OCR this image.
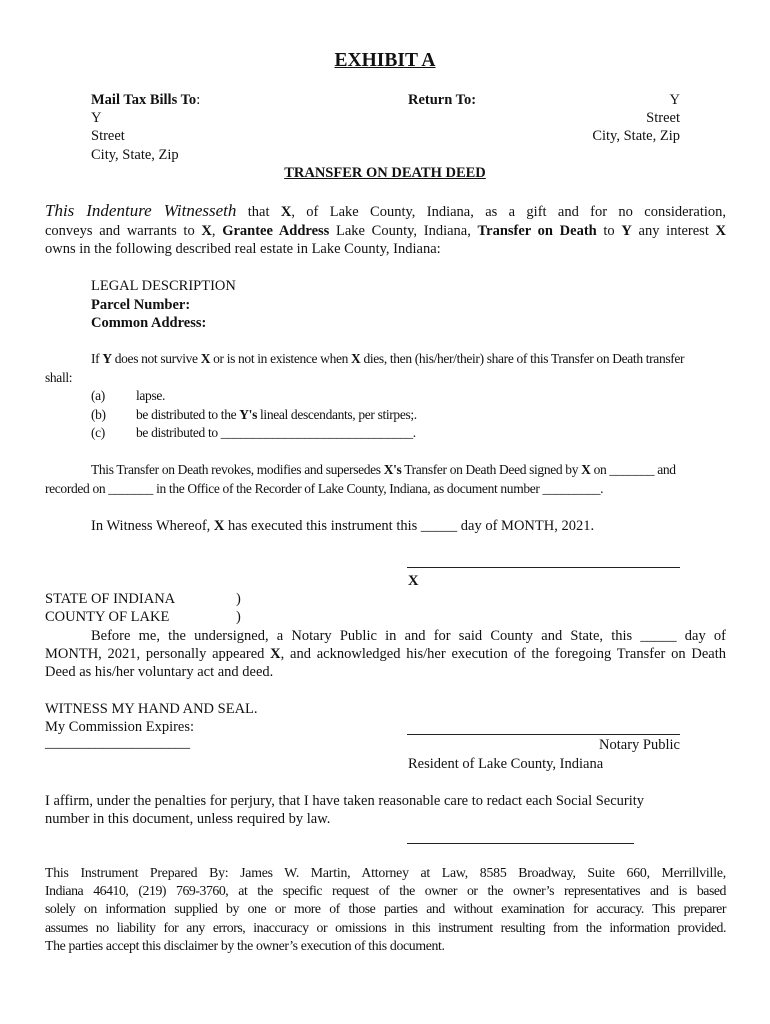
EXHIBIT A
Mail Tax Bills To:
Y
Street
City, State, Zip
Return To:	Y
Street
City, State, Zip
TRANSFER ON DEATH DEED
This Indenture Witnesseth that X, of Lake County, Indiana, as a gift and for no consideration,
conveys and warrants to X, Grantee Address Lake County, Indiana, Transfer on Death to Y any interest X
owns in the following described real estate in Lake County, Indiana:
LEGAL DESCRIPTION
Parcel Number:
Common Address:
If Y does not survive X or is not in existence when X dies, then (his/her/their) share of this Transfer on Death transfer
shall:
(a) lapse.
(b) be distributed to the Y's lineal descendants, per stirpes;.
(c) be distributed to ______________________________.
This Transfer on Death revokes, modifies and supersedes X's Transfer on Death Deed signed by X on _______ and
recorded on _______ in the Office of the Recorder of Lake County, Indiana, as document number _________.
In Witness Whereof, X has executed this instrument this _____ day of MONTH, 2021.
X
STATE OF INDIANA	)
COUNTY OF LAKE	)
Before me, the undersigned, a Notary Public in and for said County and State, this _____ day of
MONTH, 2021, personally appeared X, and acknowledged his/her execution of the foregoing Transfer on Death
Deed as his/her voluntary act and deed.
WITNESS MY HAND AND SEAL.
My Commission Expires:
____________________	Notary Public
Resident of Lake County, Indiana
I affirm, under the penalties for perjury, that I have taken reasonable care to redact each Social Security
number in this document, unless required by law.
This Instrument Prepared By: James W. Martin, Attorney at Law, 8585 Broadway, Suite 660, Merrillville,
Indiana 46410, (219) 769-3760, at the specific request of the owner or the owner’s representatives and is based
solely on information supplied by one or more of those parties and without examination for accuracy. This preparer
assumes no liability for any errors, inaccuracy or omissions in this instrument resulting from the information provided.
The parties accept this disclaimer by the owner’s execution of this document.
